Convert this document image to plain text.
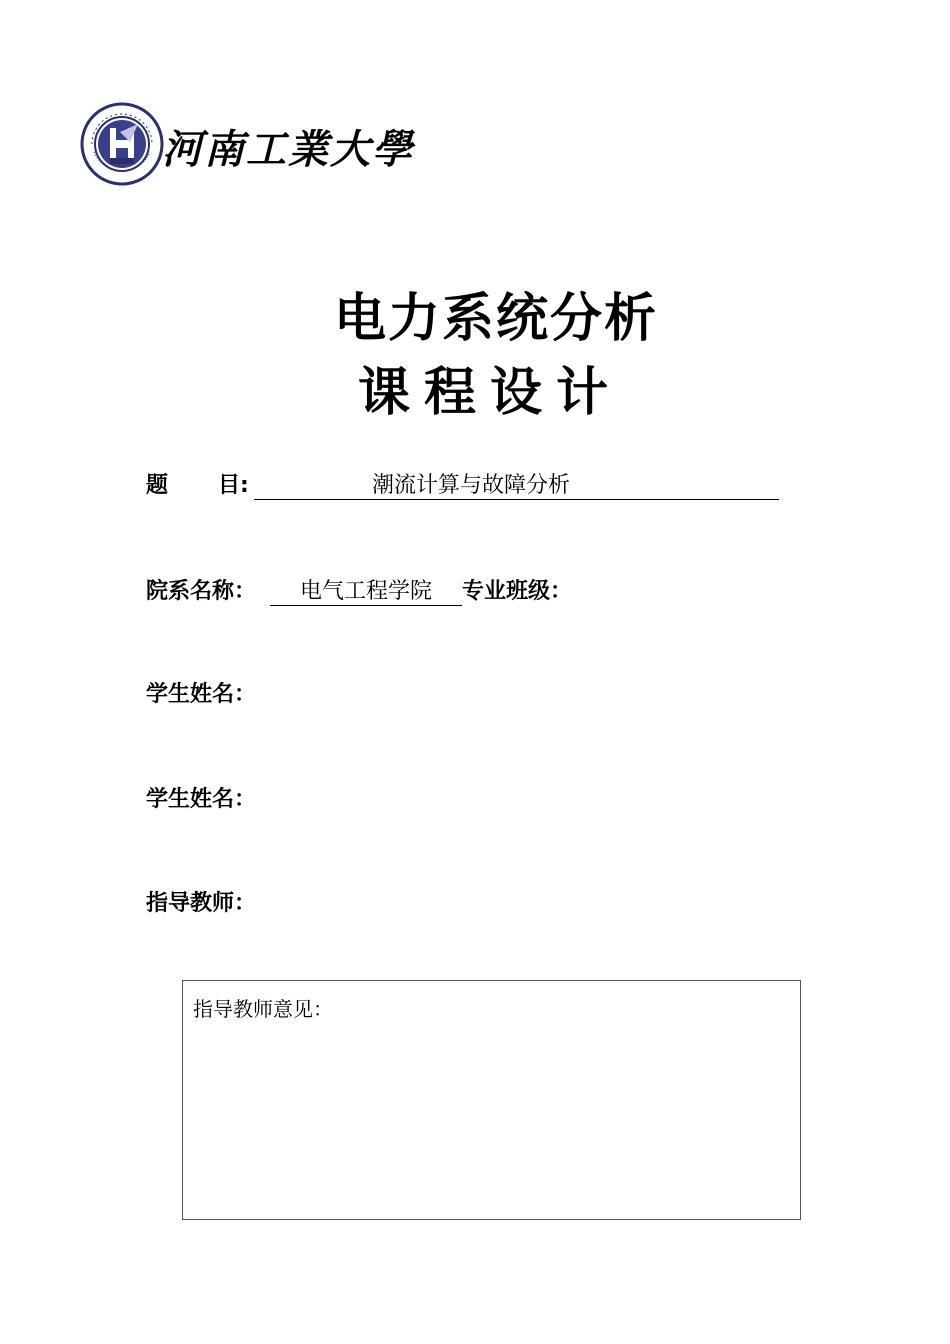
河南工業大學
电力系统分析
课程设计
题 目:	潮流计算与故障分析
院系名称： 电气工程学院 专业班级：
学生姓名：
学生姓名：
指导教师：
指导教师意见：
